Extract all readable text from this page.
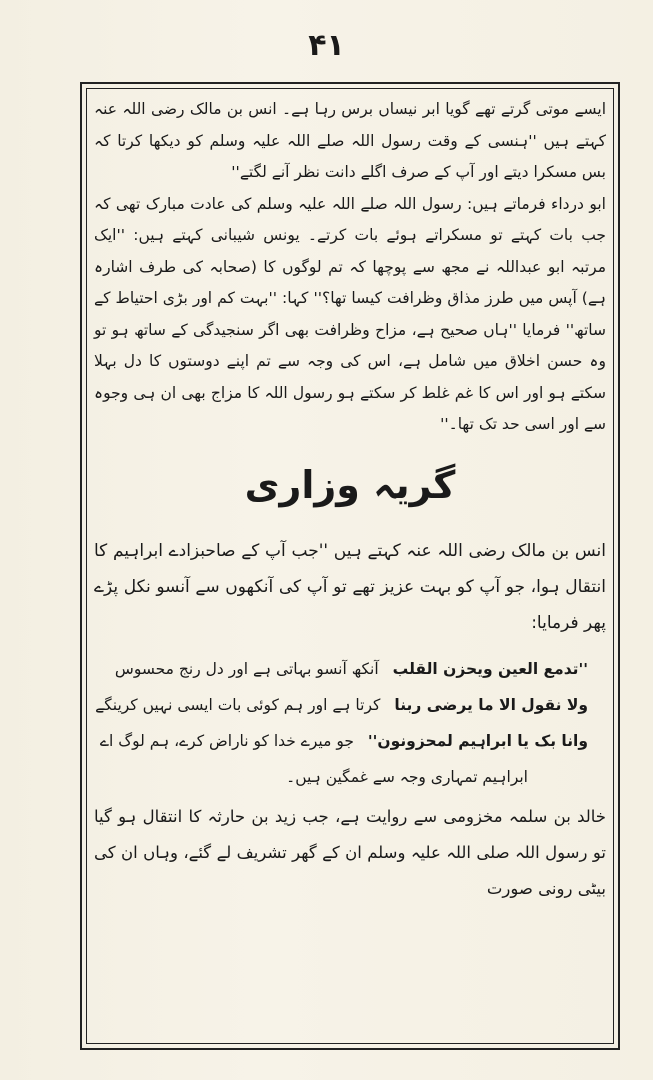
۴۱

ایسے موتی گرتے تھے گویا ابر نیساں برس رہا ہے۔ انس بن مالک رضی اللہ عنہ کہتے ہیں ''ہنسی کے وقت رسول اللہ صلے اللہ علیہ وسلم کو دیکھا کرتا کہ بس مسکرا دیتے اور آپ کے صرف اگلے دانت نظر آنے لگتے''

ابو درداء فرماتے ہیں: رسول اللہ صلے اللہ علیہ وسلم کی عادت مبارک تھی کہ جب بات کہتے تو مسکراتے ہوئے بات کرتے۔ یونس شیبانی کہتے ہیں: ''ایک مرتبہ ابو عبداللہ نے مجھ سے پوچھا کہ تم لوگوں کا (صحابہ کی طرف اشارہ ہے) آپس میں طرز مذاق وظرافت کیسا تھا؟'' کہا: ''بہت کم اور بڑی احتیاط کے ساتھ'' فرمایا ''ہاں صحیح ہے، مزاح وظرافت بھی اگر سنجیدگی کے ساتھ ہو تو وہ حسن اخلاق میں شامل ہے، اس کی وجہ سے تم اپنے دوستوں کا دل بہلا سکتے ہو اور اس کا غم غلط کر سکتے ہو رسول اللہ کا مزاج بھی ان ہی وجوہ سے اور اسی حد تک تھا۔''

گریہ وزاری

انس بن مالک رضی اللہ عنہ کہتے ہیں ''جب آپ کے صاحبزادے ابراہیم کا انتقال ہوا، جو آپ کو بہت عزیز تھے تو آپ کی آنکھوں سے آنسو نکل پڑے پھر فرمایا:

''تدمع العین ویحزن القلب
آنکھ آنسو بہاتی ہے اور دل رنج محسوس
ولا نقول الا ما یرضی ربنا
کرتا ہے اور ہم کوئی بات ایسی نہیں کرینگے
وانا بک یا ابراہیم لمحزونون''
جو میرے خدا کو ناراض کرے، ہم لوگ اے
ابراہیم تمہاری وجہ سے غمگین ہیں۔

خالد بن سلمہ مخزومی سے روایت ہے، جب زید بن حارثہ کا انتقال ہو گیا تو رسول اللہ صلی اللہ علیہ وسلم ان کے گھر تشریف لے گئے، وہاں ان کی بیٹی رونی صورت
